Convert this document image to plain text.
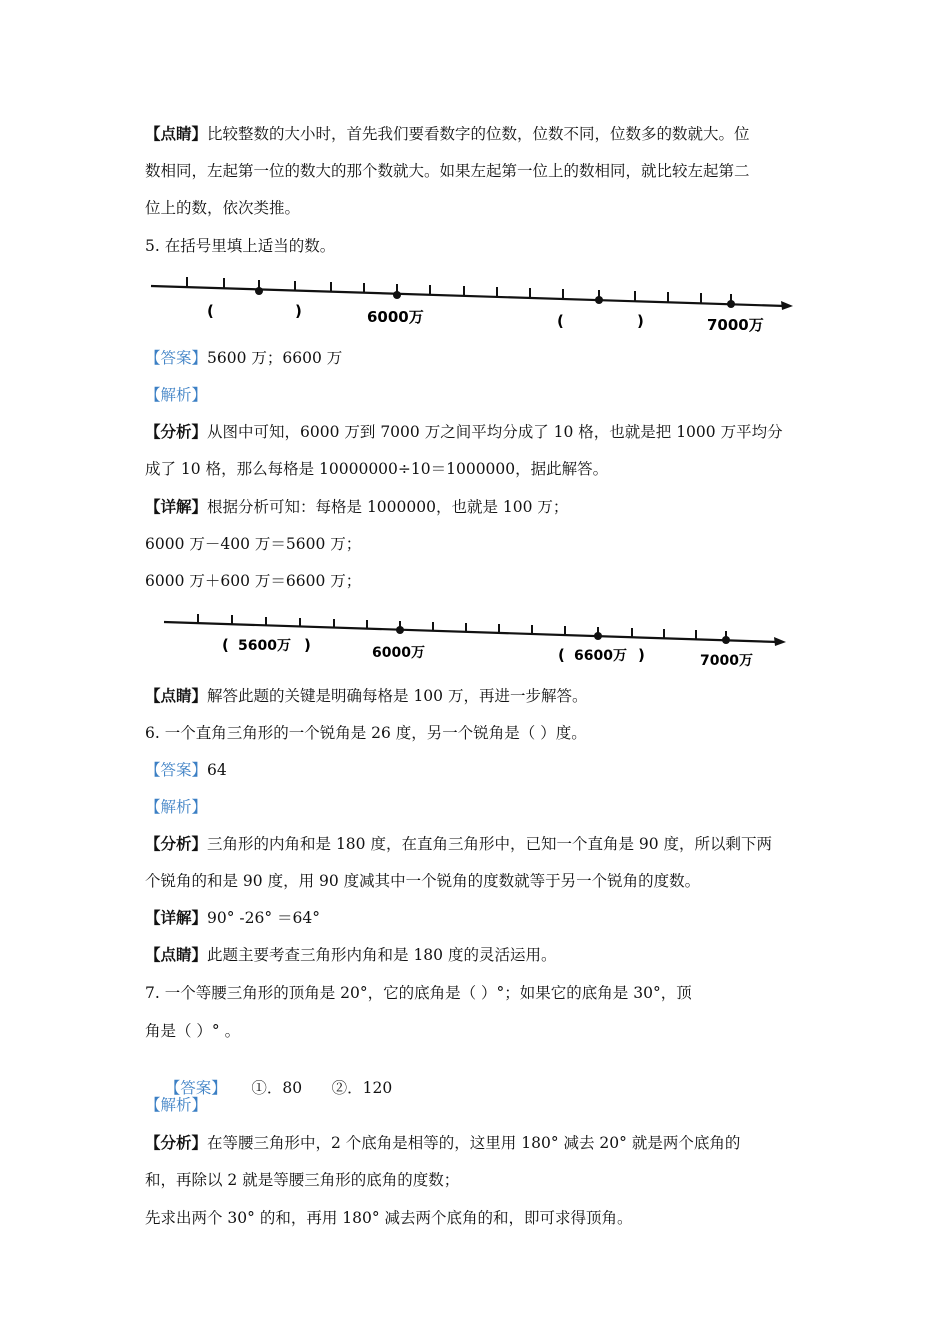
【点睛】比较整数的大小时，首先我们要看数字的位数，位数不同，位数多的数就大。位
数相同，左起第一位的数大的那个数就大。如果左起第一位上的数相同，就比较左起第二
位上的数，依次类推。
5. 在括号里填上适当的数。
(	)
(	)
6000万	7000万
【答案】5600 万；6600 万
【解析】
【分析】从图中可知，6000 万到 7000 万之间平均分成了 10 格，也就是把 1000 万平均分
成了 10 格，那么每格是 10000000÷10＝1000000，据此解答。
【详解】根据分析可知：每格是 1000000，也就是 100 万；
6000 万－400 万＝5600 万；
6000 万＋600 万＝6600 万；
( 5600万 )	6000万	( 6600万 )	7000万
【点睛】解答此题的关键是明确每格是 100 万，再进一步解答。
6. 一个直角三角形的一个锐角是 26 度，另一个锐角是（ ）度。
【答案】64
【解析】
【分析】三角形的内角和是 180 度，在直角三角形中，已知一个直角是 90 度，所以剩下两
个锐角的和是 90 度，用 90 度减其中一个锐角的度数就等于另一个锐角的度数。
【详解】90° -26° ＝64°
【点睛】此题主要考查三角形内角和是 180 度的灵活运用。
7. 一个等腰三角形的顶角是 20°，它的底角是（ ）°；如果它的底角是 30°，顶
角是（ ）° 。

【答案】     ①．80      ②．120

【解析】
【分析】在等腰三角形中，2 个底角是相等的，这里用 180° 减去 20° 就是两个底角的
和，再除以 2 就是等腰三角形的底角的度数；
先求出两个 30° 的和，再用 180° 减去两个底角的和，即可求得顶角。
